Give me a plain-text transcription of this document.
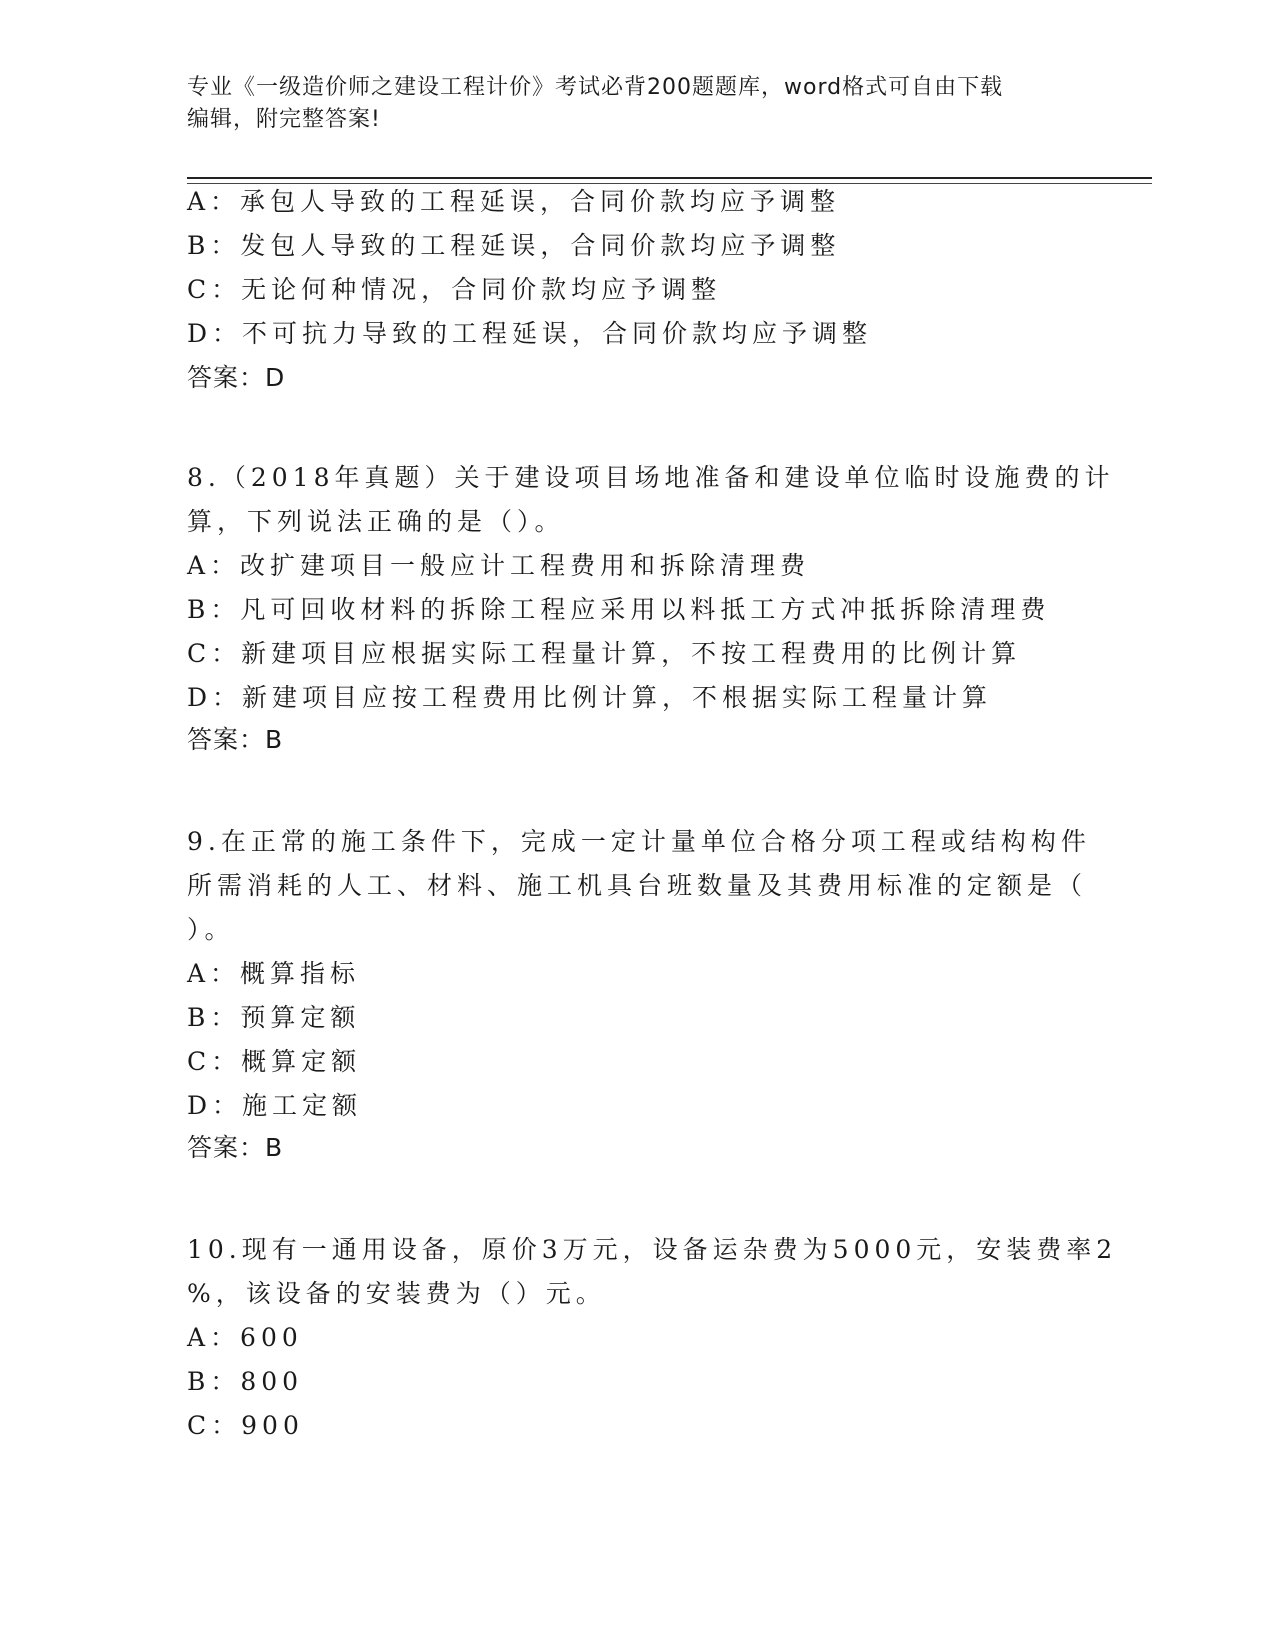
专业《一级造价师之建设工程计价》考试必背200题题库，word格式可自由下载
编辑，附完整答案!
A：承包人导致的工程延误，合同价款均应予调整
B：发包人导致的工程延误，合同价款均应予调整
C：无论何种情况，合同价款均应予调整
D：不可抗力导致的工程延误，合同价款均应予调整
答案：D
8.（2018年真题）关于建设项目场地准备和建设单位临时设施费的计
算，下列说法正确的是（）。
A：改扩建项目一般应计工程费用和拆除清理费
B：凡可回收材料的拆除工程应采用以料抵工方式冲抵拆除清理费
C：新建项目应根据实际工程量计算，不按工程费用的比例计算
D：新建项目应按工程费用比例计算，不根据实际工程量计算
答案：B
9.在正常的施工条件下，完成一定计量单位合格分项工程或结构构件
所需消耗的人工、材料、施工机具台班数量及其费用标准的定额是（
）。
A：概算指标
B：预算定额
C：概算定额
D：施工定额
答案：B
10.现有一通用设备，原价3万元，设备运杂费为5000元，安装费率2
%，该设备的安装费为（）元。
A：600
B：800
C：900
